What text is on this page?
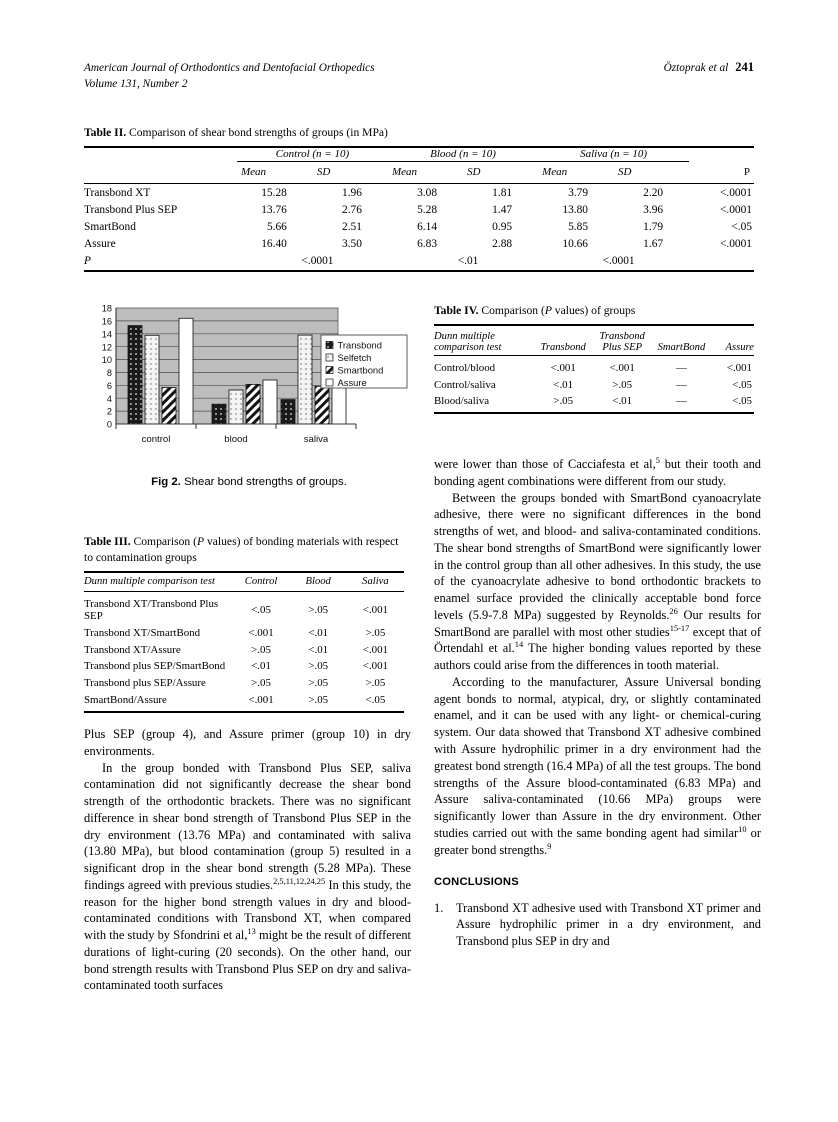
American Journal of Orthodontics and Dentofacial Orthopedics
Volume 131, Number 2
Öztoprak et al 241
Table II. Comparison of shear bond strengths of groups (in MPa)
	Control (n = 10)		Blood (n = 10)		Saliva (n = 10)		
	Mean	SD	Mean	SD	Mean	SD	P
Transbond XT	15.28	1.96	3.08	1.81	3.79	2.20	<.0001
Transbond Plus SEP	13.76	2.76	5.28	1.47	13.80	3.96	<.0001
SmartBond	5.66	2.51	6.14	0.95	5.85	1.79	<.05
Assure	16.40	3.50	6.83	2.88	10.66	1.67	<.0001
P	<.0001		<.01		<.0001		
18
16
14
12
10
8
6
4
2
0
control	blood	saliva
Transbond
Selfetch
Smartbond
Assure
Fig 2. Shear bond strengths of groups.
Table IV. Comparison (P values) of groups
Dunn multiple
comparison test	Transbond	
Transbond
Plus SEP	SmartBond	Assure
Control/blood	<.001	<.001	—	<.001
Control/saliva	<.01	>.05	—	<.05
Blood/saliva	>.05	<.01	—	<.05
Table III. Comparison (P values) of bonding materials with respect to contamination groups
Dunn multiple comparison test	Control	Blood	Saliva
Transbond XT/Transbond Plus SEP	<.05	>.05	<.001
Transbond XT/SmartBond	<.001	<.01	>.05
Transbond XT/Assure	>.05	<.01	<.001
Transbond plus SEP/SmartBond	<.01	>.05	<.001
Transbond plus SEP/Assure	>.05	>.05	>.05
SmartBond/Assure	<.001	>.05	<.05

Plus SEP (group 4), and Assure primer (group 10) in dry environments.

In the group bonded with Transbond Plus SEP, saliva contamination did not significantly decrease the shear bond strength of the orthodontic brackets. There was no significant difference in shear bond strength of Transbond Plus SEP in the dry environment (13.76 MPa) and contaminated with saliva (13.80 MPa), but blood contamination (group 5) resulted in a significant drop in the shear bond strength (5.28 MPa). These findings agreed with previous studies.$^{2,5,11,12,24,25}$ In this study, the reason for the higher bond strength values in dry and blood-contaminated conditions with Transbond XT, when compared with the study by Sfondrini et al,$^{13}$ might be the result of different durations of light-curing (20 seconds). On the other hand, our bond strength results with Transbond Plus SEP on dry and saliva-contaminated tooth surfaces

were lower than those of Cacciafesta et al,$^5$ but their tooth and bonding agent combinations were different from our study.

Between the groups bonded with SmartBond cyanoacrylate adhesive, there were no significant differences in the bond strengths of wet, and blood- and saliva-contaminated conditions. The shear bond strengths of SmartBond were significantly lower in the control group than all other adhesives. In this study, the use of the cyanoacrylate adhesive to bond orthodontic brackets to enamel surface provided the clinically acceptable bond force levels (5.9-7.8 MPa) suggested by Reynolds.$^{26}$ Our results for SmartBond are parallel with most other studies$^{15-17}$ except that of Örtendahl et al.$^{14}$ The higher bonding values reported by these authors could arise from the differences in tooth material.

According to the manufacturer, Assure Universal bonding agent bonds to normal, atypical, dry, or slightly contaminated enamel, and it can be used with any light- or chemical-curing system. Our data showed that Transbond XT adhesive combined with Assure hydrophilic primer in a dry environment had the greatest bond strength (16.4 MPa) of all the test groups. The bond strengths of the Assure blood-contaminated (6.83 MPa) and Assure saliva-contaminated (10.66 MPa) groups were significantly lower than Assure in the dry environment. Other studies carried out with the same bonding agent had similar$^{10}$ or greater bond strengths.$^9$

CONCLUSIONS
1.	Transbond XT adhesive used with Transbond XT primer and Assure hydrophilic primer in a dry environment, and Transbond plus SEP in dry and
